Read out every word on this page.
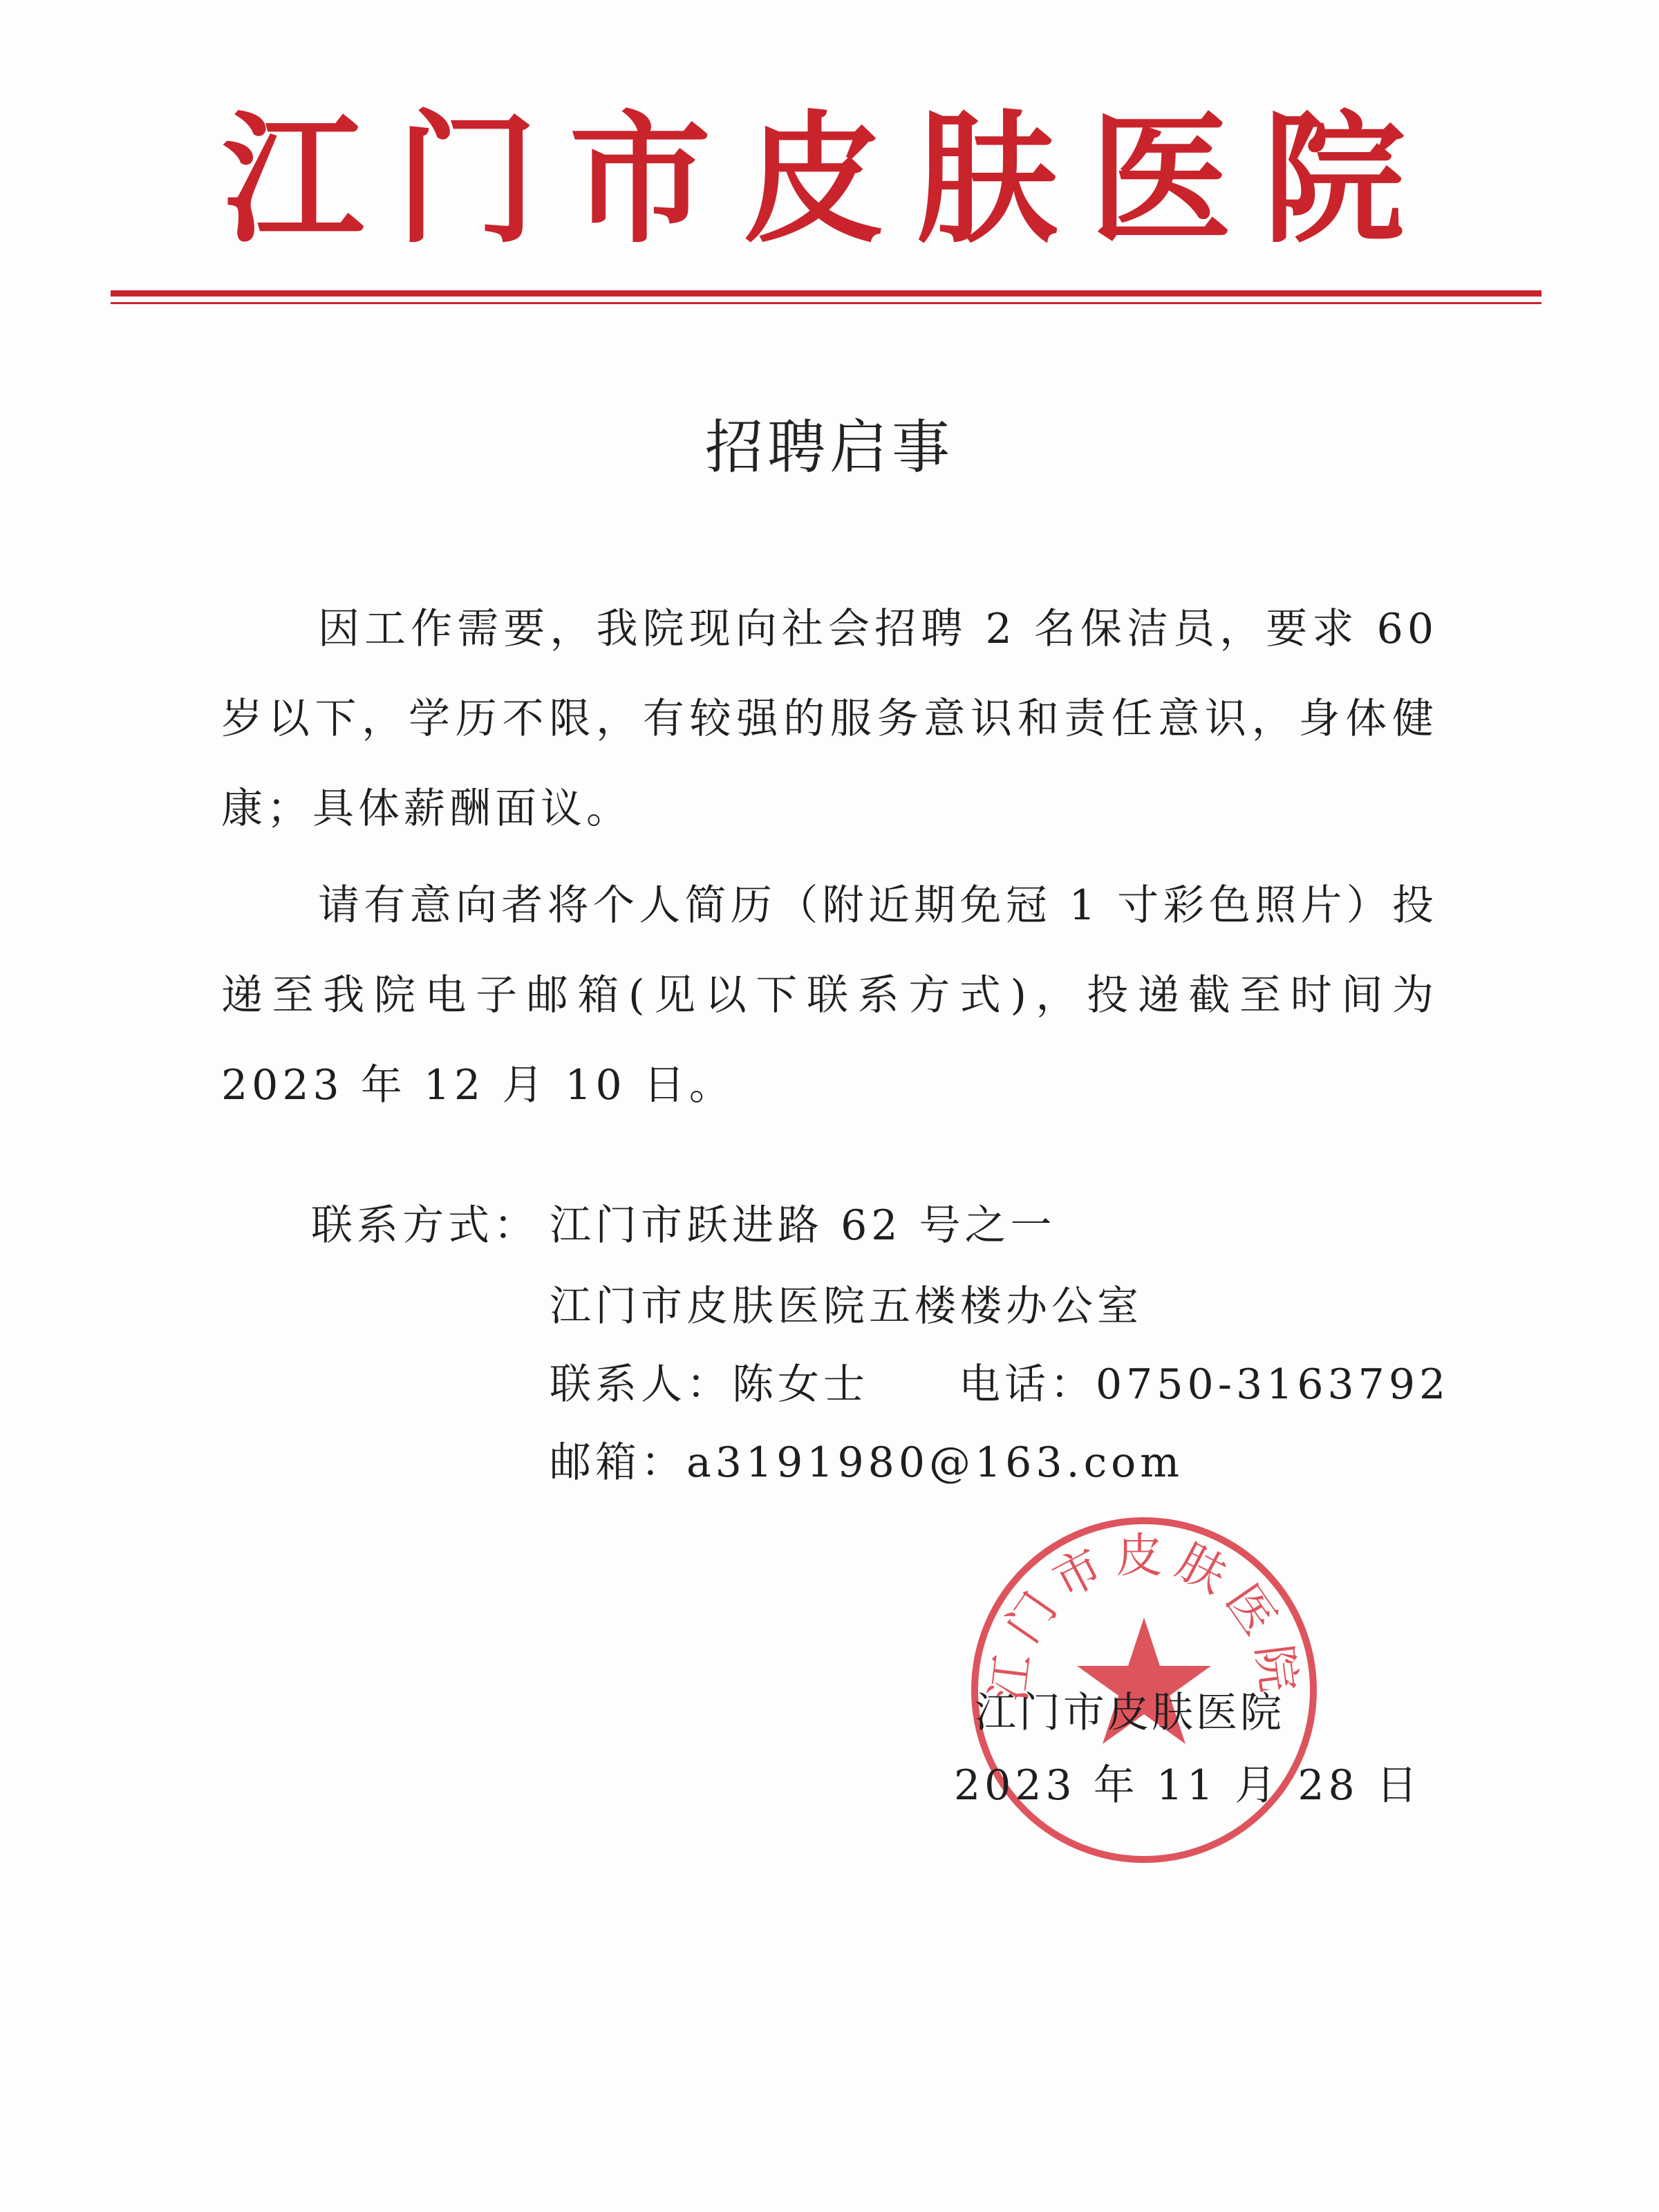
江门市皮肤医院
招聘启事
因工作需要，我院现向社会招聘 2 名保洁员，要求 60 岁以下，学历不限，有较强的服务意识和责任意识，身体健康；具体薪酬面议。
请有意向者将个人简历（附近期免冠 1 寸彩色照片）投递至我院电子邮箱(见以下联系方式)，投递截至时间为 2023 年 12 月 10 日。
联系方式： 江门市跃进路 62 号之一
江门市皮肤医院五楼楼办公室
联系人：陈女士 电话：0750-3163792
邮箱：a3191980@163.com
江门市皮肤医院
江门市皮肤医院
2023 年 11 月 28 日
